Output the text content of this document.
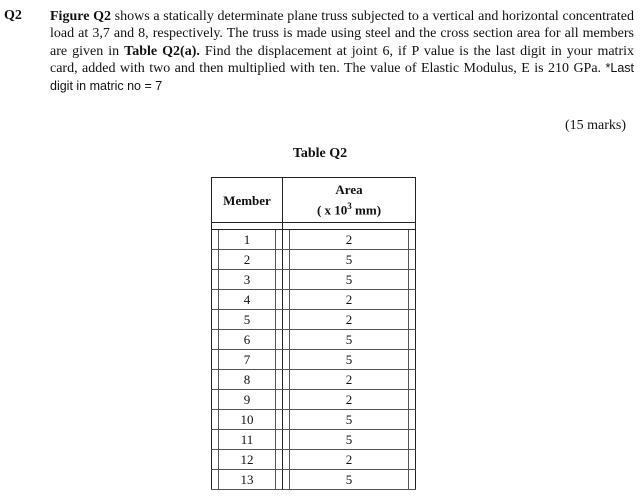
Q2 Figure Q2 shows a statically determinate plane truss subjected to a vertical and horizontal concentrated load at 3,7 and 8, respectively. The truss is made using steel and the cross section area for all members are given in Table Q2(a). Find the displacement at joint 6, if P value is the last digit in your matrix card, added with two and then multiplied with ten. The value of Elastic Modulus, E is 210 GPa. *Last digit in matric no = 7

(15 marks)
Table Q2
Member	Area
( x $10^3$ mm)

1	2

2	5

3	5

4	2

5	2

6	5

7	5

8	2

9	2

10	5

11	5

12	2

13	5
